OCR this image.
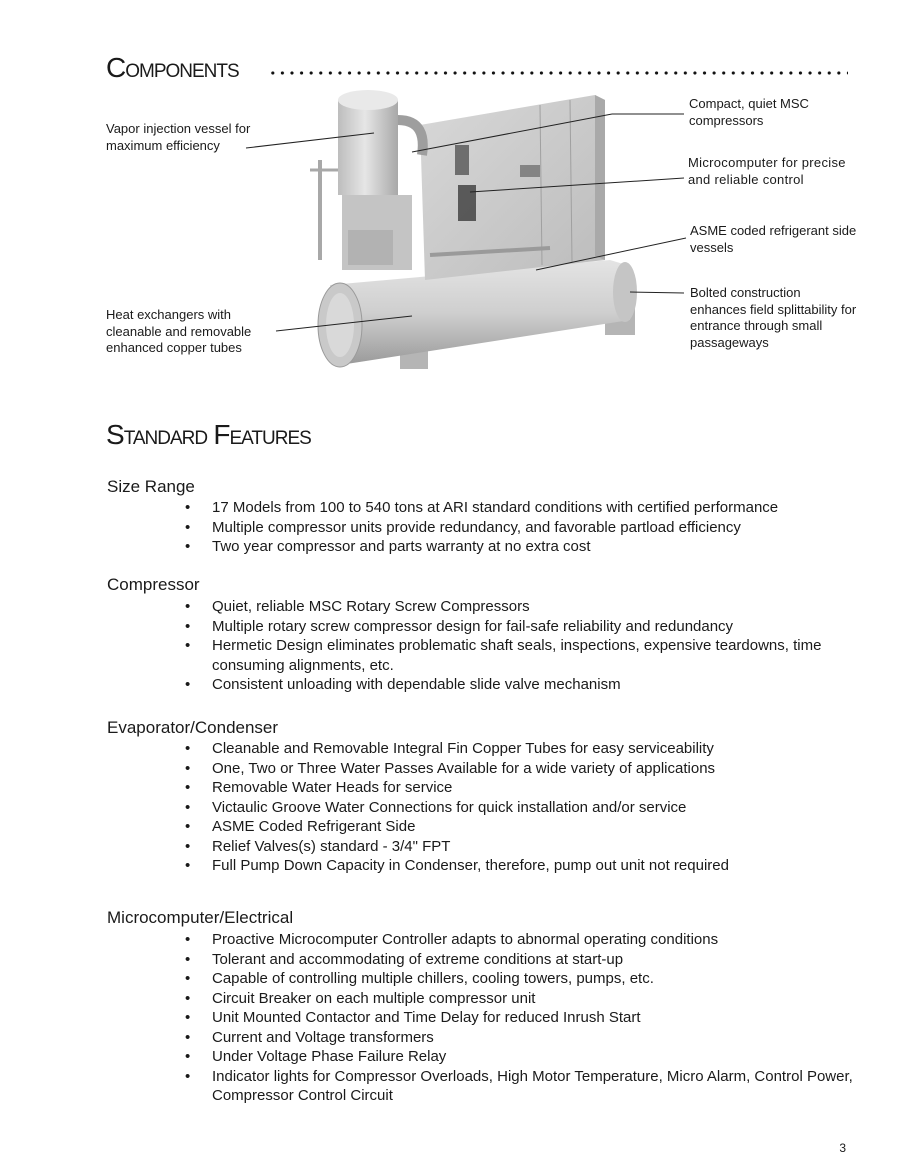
COMPONENTS
Vapor injection vessel for maximum efficiency
Heat exchangers with cleanable and removable enhanced copper tubes
Compact, quiet MSC compressors
Microcomputer for precise and reliable control
ASME coded refrigerant side vessels
Bolted construction enhances field splittability for entrance through small passageways
STANDARD FEATURES
Size Range
• 17 Models from 100 to 540 tons at ARI standard conditions with certified performance
• Multiple compressor units provide redundancy, and favorable partload efficiency
• Two year compressor and parts warranty at no extra cost
Compressor
• Quiet, reliable MSC Rotary Screw Compressors
• Multiple rotary screw compressor design for fail-safe reliability and redundancy
• Hermetic Design eliminates problematic shaft seals, inspections, expensive teardowns, time consuming alignments, etc.
• Consistent unloading with dependable slide valve mechanism
Evaporator/Condenser
• Cleanable and Removable Integral Fin Copper Tubes for easy serviceability
• One, Two or Three Water Passes Available for a wide variety of applications
• Removable Water Heads for service
• Victaulic Groove Water Connections for quick installation and/or service
• ASME Coded Refrigerant Side
• Relief Valves(s) standard - 3/4" FPT
• Full Pump Down Capacity in Condenser, therefore, pump out unit not required
Microcomputer/Electrical
• Proactive Microcomputer Controller adapts to abnormal operating conditions
• Tolerant and accommodating of extreme conditions at start-up
• Capable of controlling multiple chillers, cooling towers, pumps, etc.
• Circuit Breaker on each multiple compressor unit
• Unit Mounted Contactor and Time Delay for reduced Inrush Start
• Current and Voltage transformers
• Under Voltage Phase Failure Relay
• Indicator lights for Compressor Overloads, High Motor Temperature, Micro Alarm, Control Power, Compressor Control Circuit
3
